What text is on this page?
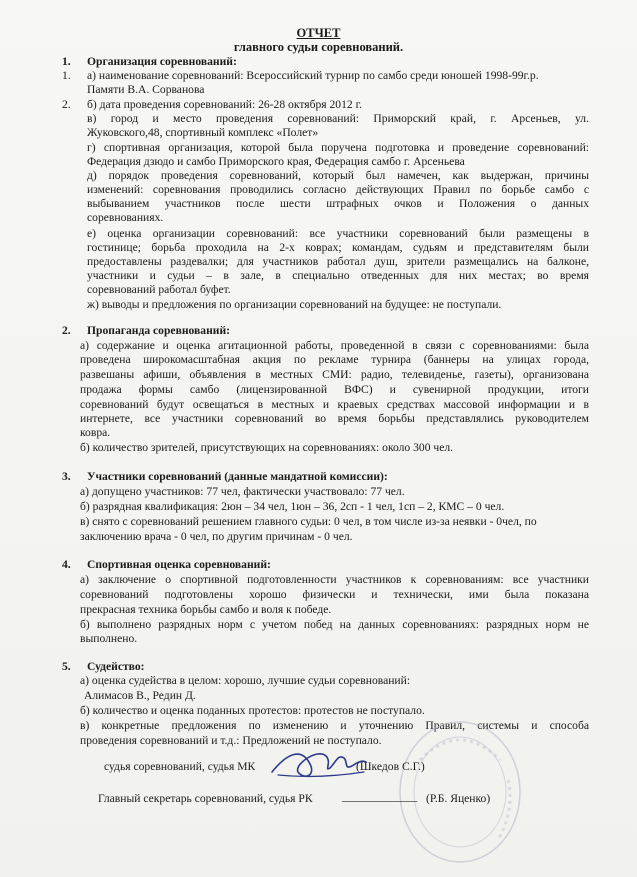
ОТЧЕТ
главного судьи соревнований.
1. Организация соревнований:
1. а) наименование соревнований: Всероссийский турнир по самбо среди юношей 1998-99г.р.
Памяти В.А. Сорванова
2. б) дата проведения соревнований: 26-28 октября 2012 г.
в) город и место проведения соревнований: Приморский край, г. Арсеньев, ул.
Жуковского,48, спортивный комплекс «Полет»
г) спортивная организация, которой была поручена подготовка и проведение соревнований:
Федерация дзюдо и самбо Приморского края, Федерация самбо г. Арсеньева
д) порядок проведения соревнований, который был намечен, как выдержан, причины
изменений: соревнования проводились согласно действующих Правил по борьбе самбо с
выбыванием участников после шести штрафных очков и Положения о данных
соревнованиях.
е) оценка организации соревнований: все участники соревнований были размещены в
гостинице; борьба проходила на 2-х коврах; командам, судьям и представителям были
предоставлены раздевалки; для участников работал душ, зрители размещались на балконе,
участники и судьи – в зале, в специально отведенных для них местах; во время
соревнований работал буфет.
ж) выводы и предложения по организации соревнований на будущее: не поступали.
2. Пропаганда соревнований:
а) содержание и оценка агитационной работы, проведенной в связи с соревнованиями: была
проведена широкомасштабная акция по рекламе турнира (баннеры на улицах города,
развешаны афиши, объявления в местных СМИ: радио, телевиденье, газеты), организована
продажа формы самбо (лицензированной ВФС) и сувенирной продукции, итоги
соревнований будут освещаться в местных и краевых средствах массовой информации и в
интернете, все участники соревнований во время борьбы представлялись руководителем
ковра.
б) количество зрителей, присутствующих на соревнованиях: около 300 чел.
3. Участники соревнований (данные мандатной комиссии):
а) допущено участников: 77 чел, фактически участвовало: 77 чел.
б) разрядная квалификация: 2юн – 34 чел, 1юн – 36, 2сп - 1 чел, 1сп – 2, КМС – 0 чел.
в) снято с соревнований решением главного судьи: 0 чел, в том числе из-за неявки - 0чел, по
заключению врача - 0 чел, по другим причинам - 0 чел.
4. Спортивная оценка соревнований:
а) заключение о спортивной подготовленности участников к соревнованиям: все участники
соревнований подготовлены хорошо физически и технически, ими была показана
прекрасная техника борьбы самбо и воля к победе.
б) выполнено разрядных норм с учетом побед на данных соревнованиях: разрядных норм не
выполнено.
5. Судейство:
а) оценка судейства в целом: хорошо, лучшие судьи соревнований:
Алимасов В., Редин Д.
б) количество и оценка поданных протестов: протестов не поступало.
в) конкретные предложения по изменению и уточнению Правил, системы и способа
проведения соревнований и т.д.: Предложений не поступало.
судья соревнований, судья МК	(Шкедов С.Г.)
Главный секретарь соревнований, судья РК	_____________ (Р.Б. Яценко)
